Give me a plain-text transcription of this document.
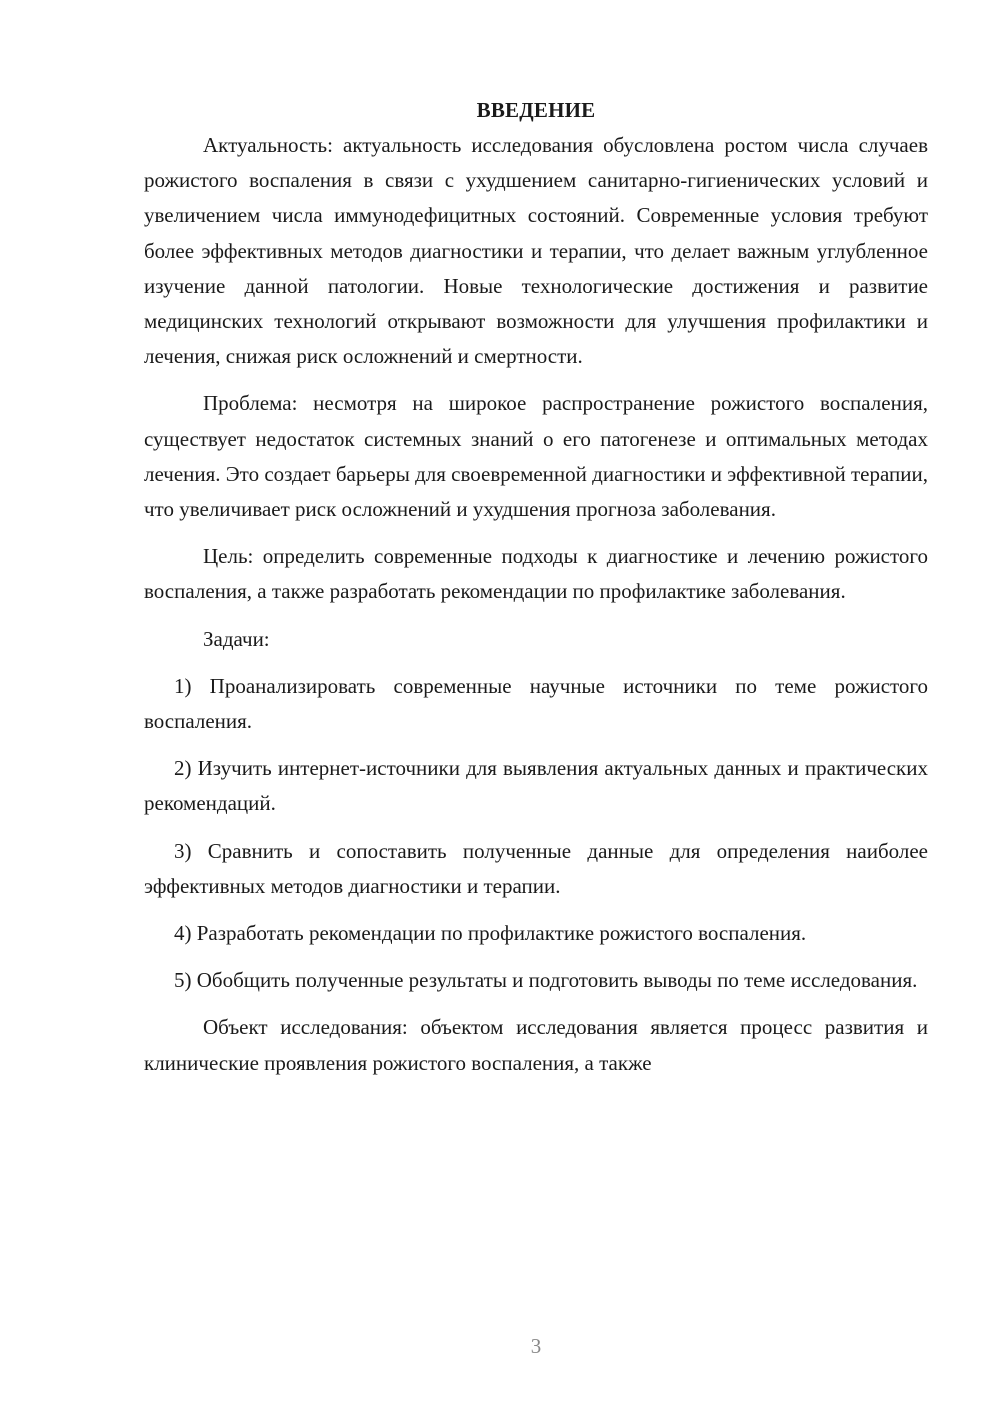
ВВЕДЕНИЕ

Актуальность: актуальность исследования обусловлена ростом числа случаев рожистого воспаления в связи с ухудшением санитарно-гигиенических условий и увеличением числа иммунодефицитных состояний. Современные условия требуют более эффективных методов диагностики и терапии, что делает важным углубленное изучение данной патологии. Новые технологические достижения и развитие медицинских технологий открывают возможности для улучшения профилактики и лечения, снижая риск осложнений и смертности.

Проблема: несмотря на широкое распространение рожистого воспаления, существует недостаток системных знаний о его патогенезе и оптимальных методах лечения. Это создает барьеры для своевременной диагностики и эффективной терапии, что увеличивает риск осложнений и ухудшения прогноза заболевания.

Цель: определить современные подходы к диагностике и лечению рожистого воспаления, а также разработать рекомендации по профилактике заболевания.

Задачи:

1) Проанализировать современные научные источники по теме рожистого воспаления.

2) Изучить интернет-источники для выявления актуальных данных и практических рекомендаций.

3) Сравнить и сопоставить полученные данные для определения наиболее эффективных методов диагностики и терапии.

4) Разработать рекомендации по профилактике рожистого воспаления.

5) Обобщить полученные результаты и подготовить выводы по теме исследования.

Объект исследования: объектом исследования является процесс развития и клинические проявления рожистого воспаления, а также

3
